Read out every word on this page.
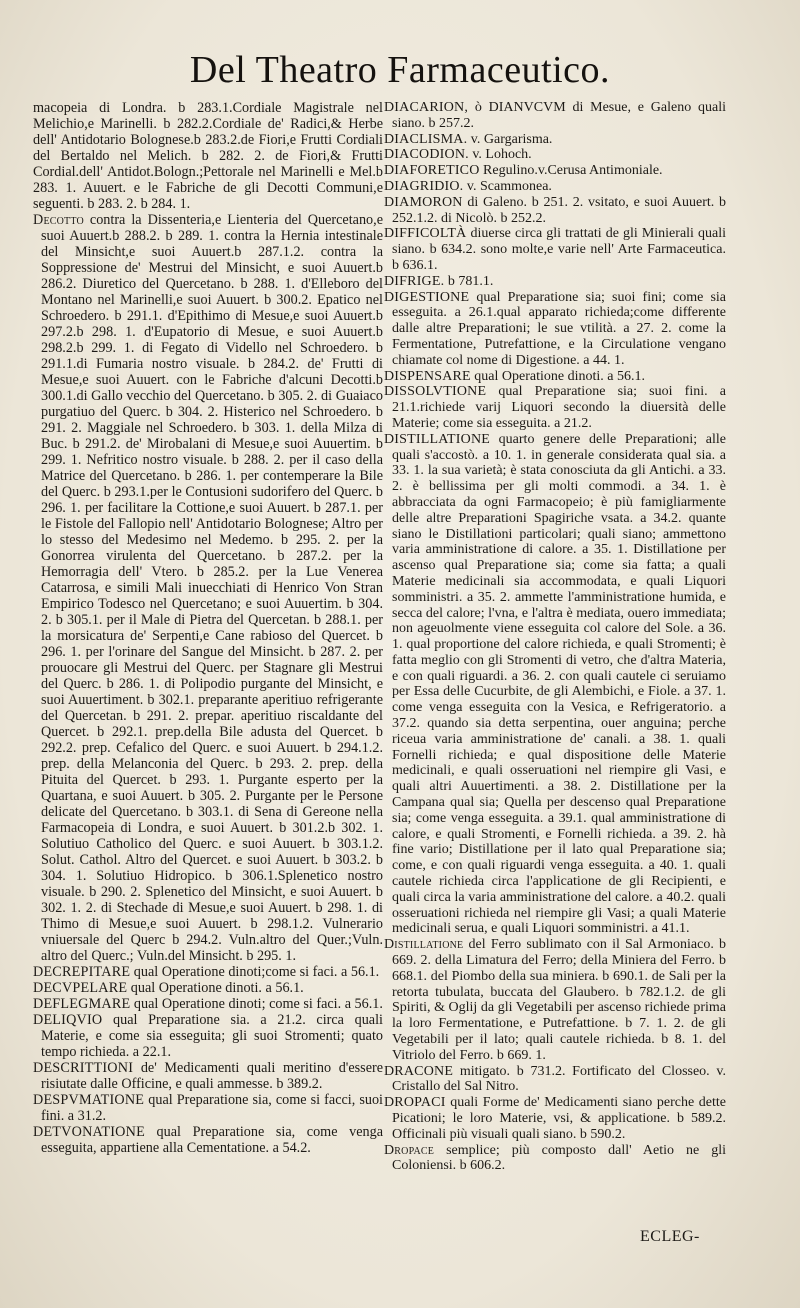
Del Theatro Farmaceutico.

macopeia di Londra. b 283.1.Cordiale Magistrale nel Melichio,e Marinelli. b 282.2.Cordiale de' Radici,& Herbe dell' Antidotario Bolognese.b 283.2.de Fiori,e Frutti Cordiali del Bertaldo nel Melich. b 282. 2. de Fiori,& Frutti Cordial.dell' Antidot.Bologn.;Pettorale nel Marinelli e Mel.b 283. 1. Auuert. e le Fabriche de gli Decotti Communi,e seguenti. b 283. 2. b 284. 1.

Decotto contra la Dissenteria,e Lienteria del Quercetano,e suoi Auuert.b 288.2. b 289. 1. contra la Hernia intestinale del Minsicht,e suoi Auuert.b 287.1.2. contra la Soppressione de' Mestrui del Minsicht, e suoi Auuert.b 286.2. Diuretico del Quercetano. b 288. 1. d'Elleboro del Montano nel Marinelli,e suoi Auuert. b 300.2. Epatico nel Schroedero. b 291.1. d'Epithimo di Mesue,e suoi Auuert.b 297.2.b 298. 1. d'Eupatorio di Mesue, e suoi Auuert.b 298.2.b 299. 1. di Fegato di Vidello nel Schroedero. b 291.1.di Fumaria nostro visuale. b 284.2. de' Frutti di Mesue,e suoi Auuert. con le Fabriche d'alcuni Decotti.b 300.1.di Gallo vecchio del Quercetano. b 305. 2. di Guaiaco purgatiuo del Querc. b 304. 2. Histerico nel Schroedero. b 291. 2. Maggiale nel Schroedero. b 303. 1. della Milza di Buc. b 291.2. de' Mirobalani di Mesue,e suoi Auuertim. b 299. 1. Nefritico nostro visuale. b 288. 2. per il caso della Matrice del Quercetano. b 286. 1. per contemperare la Bile del Querc. b 293.1.per le Contusioni sudorifero del Querc. b 296. 1. per facilitare la Cottione,e suoi Auuert. b 287.1. per le Fistole del Fallopio nell' Antidotario Bolognese; Altro per lo stesso del Medesimo nel Medemo. b 295. 2. per la Gonorrea virulenta del Quercetano. b 287.2. per la Hemorragia dell' Vtero. b 285.2. per la Lue Venerea Catarrosa, e simili Mali inuecchiati di Henrico Von Stran Empirico Todesco nel Quercetano; e suoi Auuertim. b 304. 2. b 305.1. per il Male di Pietra del Quercetan. b 288.1. per la morsicatura de' Serpenti,e Cane rabioso del Quercet. b 296. 1. per l'orinare del Sangue del Minsicht. b 287. 2. per prouocare gli Mestrui del Querc. per Stagnare gli Mestrui del Querc. b 286. 1. di Polipodio purgante del Minsicht, e suoi Auuertiment. b 302.1. preparante aperitiuo refrigerante del Quercetan. b 291. 2. prepar. aperitiuo riscaldante del Quercet. b 292.1. prep.della Bile adusta del Quercet. b 292.2. prep. Cefalico del Querc. e suoi Auuert. b 294.1.2. prep. della Melanconia del Querc. b 293. 2. prep. della Pituita del Quercet. b 293. 1. Purgante esperto per la Quartana, e suoi Auuert. b 305. 2. Purgante per le Persone delicate del Quercetano. b 303.1. di Sena di Gereone nella Farmacopeia di Londra, e suoi Auuert. b 301.2.b 302. 1. Solutiuo Catholico del Querc. e suoi Auuert. b 303.1.2. Solut. Cathol. Altro del Quercet. e suoi Auuert. b 303.2. b 304. 1. Solutiuo Hidropico. b 306.1.Splenetico nostro visuale. b 290. 2. Splenetico del Minsicht, e suoi Auuert. b 302. 1. 2. di Stechade di Mesue,e suoi Auuert. b 298. 1. di Thimo di Mesue,e suoi Auuert. b 298.1.2. Vulnerario vniuersale del Querc b 294.2. Vuln.altro del Quer.;Vuln. altro del Querc.; Vuln.del Minsicht. b 295. 1.

DECREPITARE qual Operatione dinoti;come si faci. a 56.1.

DECVPELARE qual Operatione dinoti. a 56.1.

DEFLEGMARE qual Operatione dinoti; come si faci. a 56.1.

DELIQVIO qual Preparatione sia. a 21.2. circa quali Materie, e come sia esseguita; gli suoi Stromenti; quato tempo richieda. a 22.1.

DESCRITTIONI de' Medicamenti quali meritino d'essere risiutate dalle Officine, e quali ammesse. b 389.2.

DESPVMATIONE qual Preparatione sia, come si facci, suoi fini. a 31.2.

DETVONATIONE qual Preparatione sia, come venga esseguita, appartiene alla Cementatione. a 54.2.

DIACARION, ò DIANVCVM di Mesue, e Galeno quali siano. b 257.2.

DIACLISMA. v. Gargarisma.

DIACODION. v. Lohoch.

DIAFORETICO Regulino.v.Cerusa Antimoniale.

DIAGRIDIO. v. Scammonea.

DIAMORON di Galeno. b 251. 2. vsitato, e suoi Auuert. b 252.1.2. di Nicolò. b 252.2.

DIFFICOLTÀ diuerse circa gli trattati de gli Minierali quali siano. b 634.2. sono molte,e varie nell' Arte Farmaceutica. b 636.1.

DIFRIGE. b 781.1.

DIGESTIONE qual Preparatione sia; suoi fini; come sia esseguita. a 26.1.qual apparato richieda;come differente dalle altre Preparationi; le sue vtilità. a 27. 2. come la Fermentatione, Putrefattione, e la Circulatione vengano chiamate col nome di Digestione. a 44. 1.

DISPENSARE qual Operatione dinoti. a 56.1.

DISSOLVTIONE qual Preparatione sia; suoi fini. a 21.1.richiede varij Liquori secondo la diuersità delle Materie; come sia esseguita. a 21.2.

DISTILLATIONE quarto genere delle Preparationi; alle quali s'accostò. a 10. 1. in generale considerata qual sia. a 33. 1. la sua varietà; è stata conosciuta da gli Antichi. a 33. 2. è bellissima per gli molti commodi. a 34. 1. è abbracciata da ogni Farmacopeio; è più famigliarmente delle altre Preparationi Spagiriche vsata. a 34.2. quante siano le Distillationi particolari; quali siano; ammettono varia amministratione di calore. a 35. 1. Distillatione per ascenso qual Preparatione sia; come sia fatta; a quali Materie medicinali sia accommodata, e quali Liquori somministri. a 35. 2. ammette l'amministratione humida, e secca del calore; l'vna, e l'altra è mediata, ouero immediata; non ageuolmente viene esseguita col calore del Sole. a 36. 1. qual proportione del calore richieda, e quali Stromenti; è fatta meglio con gli Stromenti di vetro, che d'altra Materia, e con quali riguardi. a 36. 2. con quali cautele ci seruiamo per Essa delle Cucurbite, de gli Alembichi, e Fiole. a 37. 1. come venga esseguita con la Vesica, e Refrigeratorio. a 37.2. quando sia detta serpentina, ouer anguina; perche riceua varia amministratione de' canali. a 38. 1. quali Fornelli richieda; e qual dispositione delle Materie medicinali, e quali osseruationi nel riempire gli Vasi, e quali altri Auuertimenti. a 38. 2. Distillatione per la Campana qual sia; Quella per descenso qual Preparatione sia; come venga esseguita. a 39.1. qual amministratione di calore, e quali Stromenti, e Fornelli richieda. a 39. 2. hà fine vario; Distillatione per il lato qual Preparatione sia; come, e con quali riguardi venga esseguita. a 40. 1. quali cautele richieda circa l'applicatione de gli Recipienti, e quali circa la varia amministratione del calore. a 40.2. quali osseruationi richieda nel riempire gli Vasi; a quali Materie medicinali serua, e quali Liquori somministri. a 41.1.

Distillatione del Ferro sublimato con il Sal Armoniaco. b 669. 2. della Limatura del Ferro; della Miniera del Ferro. b 668.1. del Piombo della sua miniera. b 690.1. de Sali per la retorta tubulata, buccata del Glaubero. b 782.1.2. de gli Spiriti, & Oglij da gli Vegetabili per ascenso richiede prima la loro Fermentatione, e Putrefattione. b 7. 1. 2. de gli Vegetabili per il lato; quali cautele richieda. b 8. 1. del Vitriolo del Ferro. b 669. 1.

DRACONE mitigato. b 731.2. Fortificato del Closseo. v. Cristallo del Sal Nitro.

DROPACI quali Forme de' Medicamenti siano perche dette Picationi; le loro Materie, vsi, & applicatione. b 589.2. Officinali più visuali quali siano. b 590.2.

Dropace semplice; più composto dall' Aetio ne gli Coloniensi. b 606.2.

ECLEG-
